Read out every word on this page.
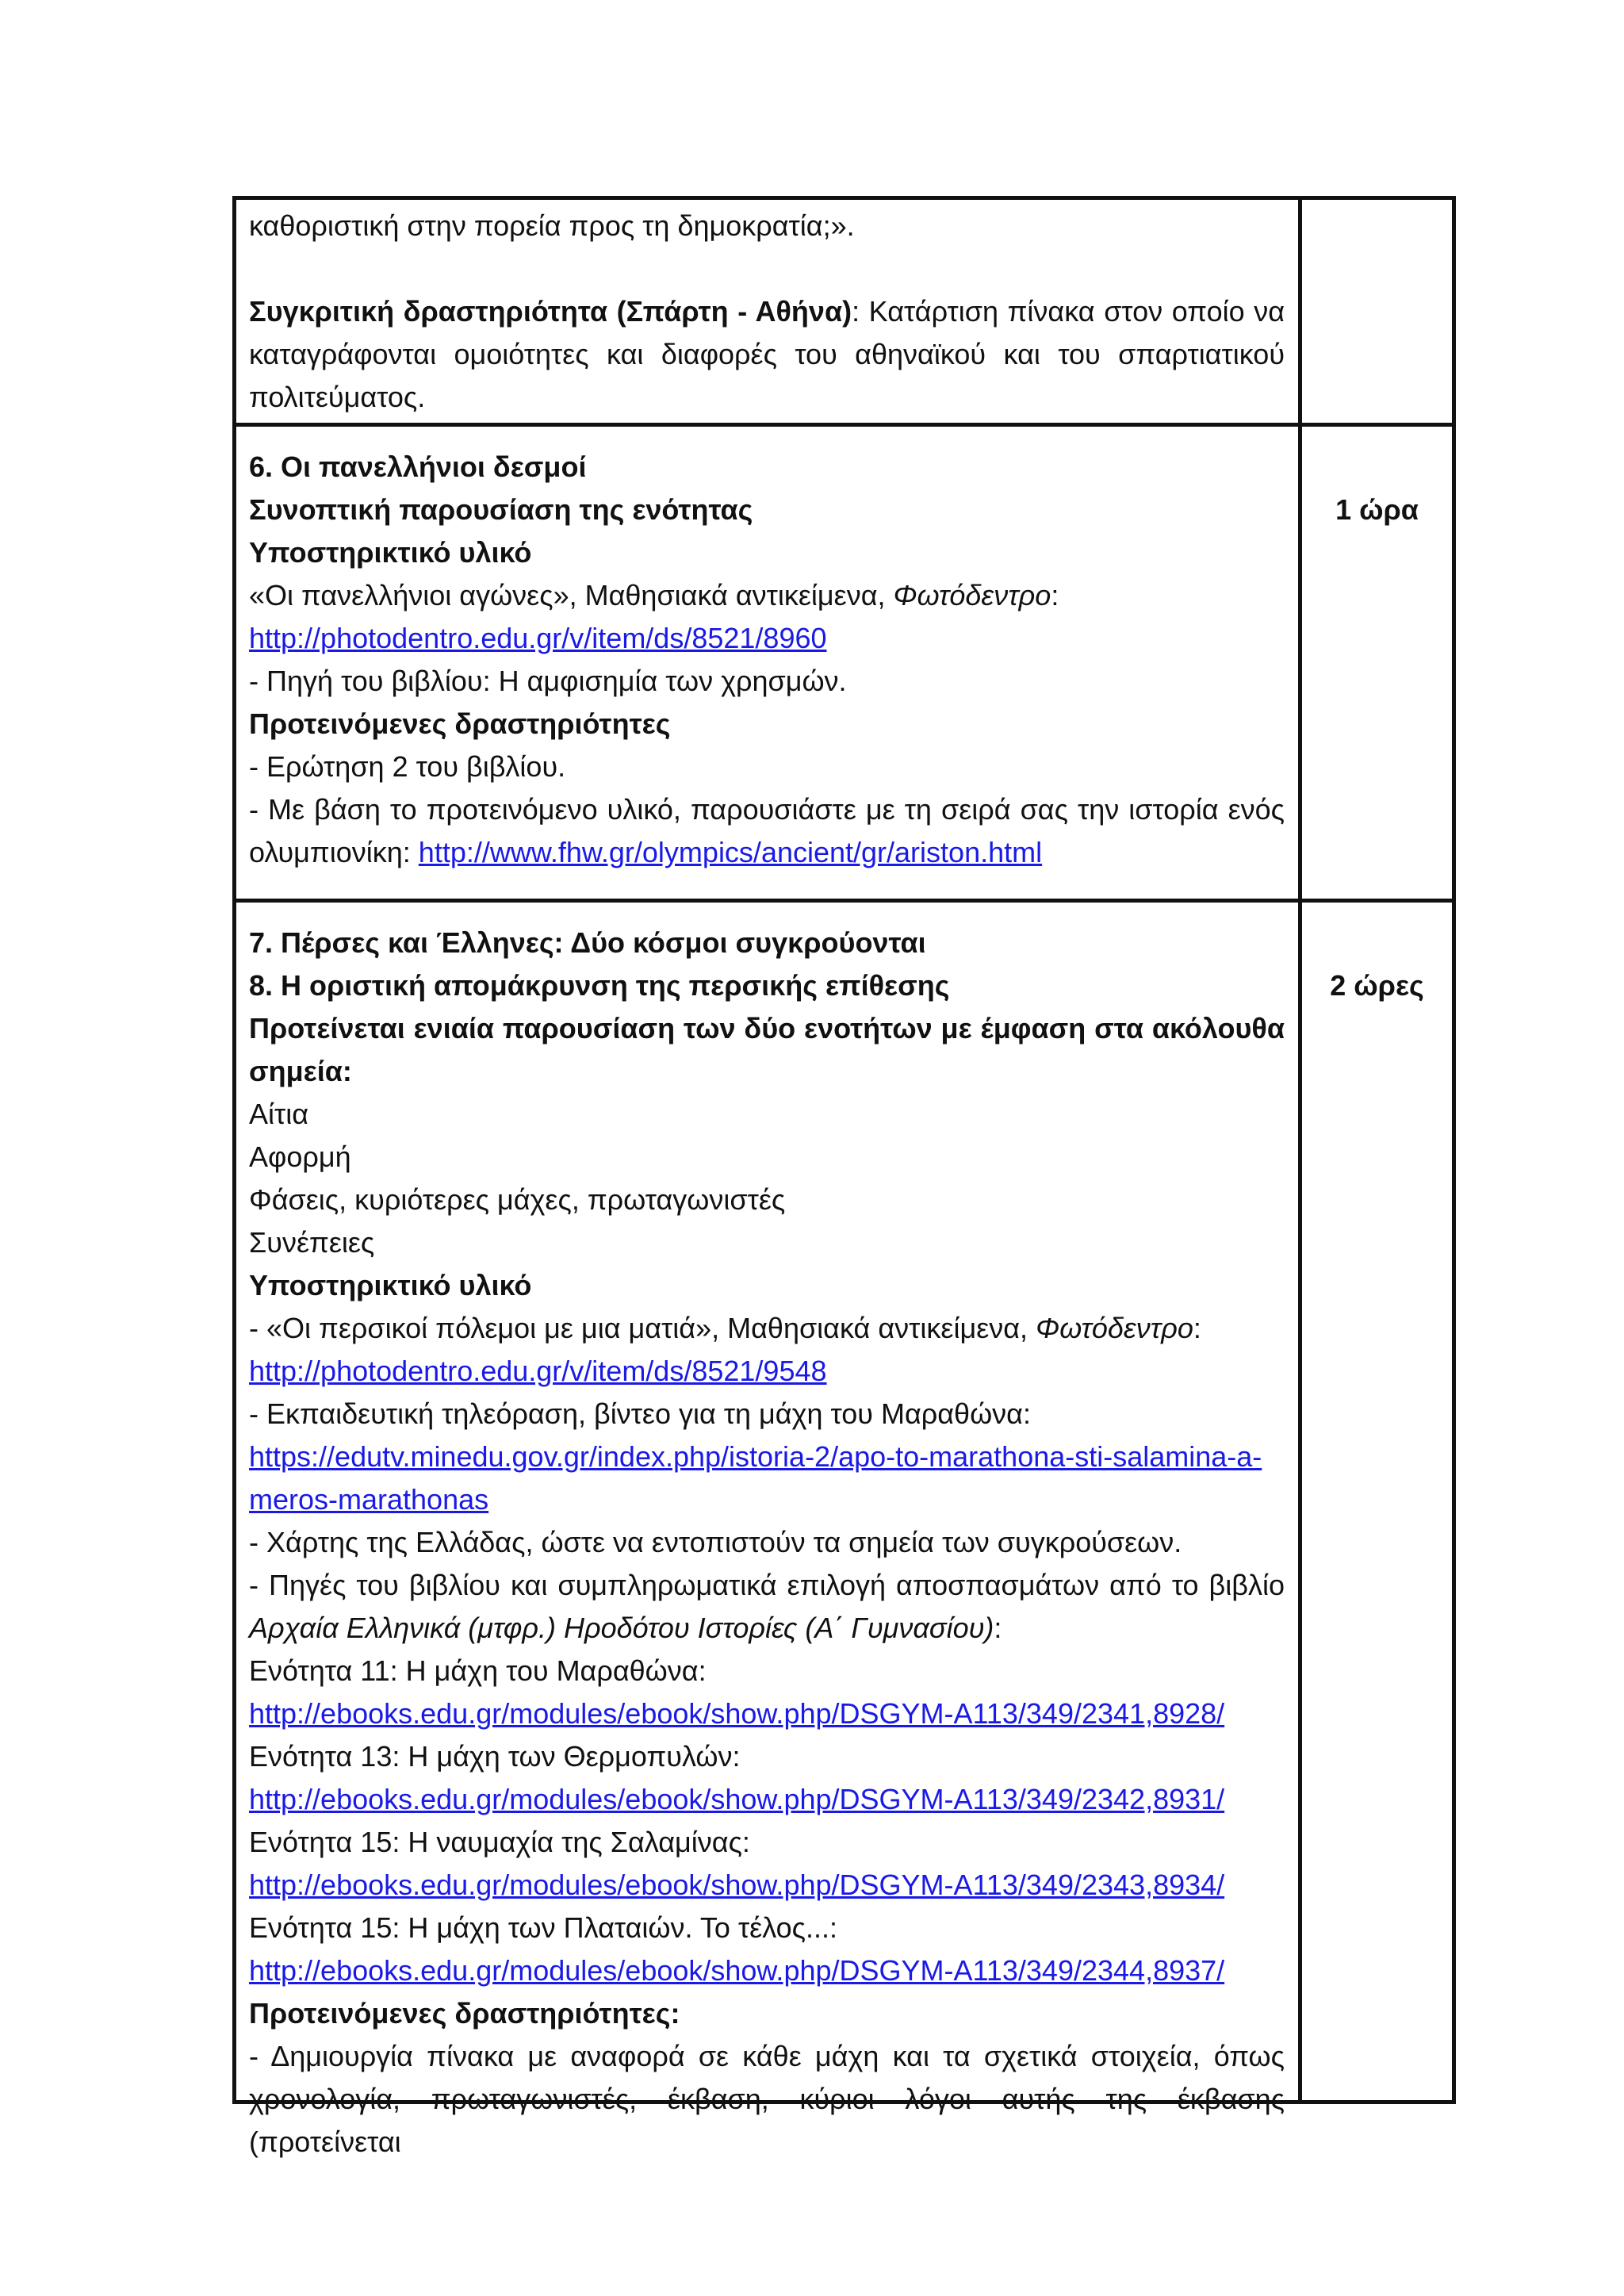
καθοριστική στην πορεία προς τη δημοκρατία;».
Συγκριτική δραστηριότητα (Σπάρτη - Αθήνα): Κατάρτιση πίνακα στον οποίο να καταγράφονται ομοιότητες και διαφορές του αθηναϊκού και του σπαρτιατικού πολιτεύματος.
6. Οι πανελλήνιοι δεσμοί
Συνοπτική παρουσίαση της ενότητας
Υποστηρικτικό υλικό
«Οι πανελλήνιοι αγώνες», Μαθησιακά αντικείμενα, Φωτόδεντρο:
http://photodentro.edu.gr/v/item/ds/8521/8960
- Πηγή του βιβλίου: Η αμφισημία των χρησμών.
Προτεινόμενες δραστηριότητες
- Ερώτηση 2 του βιβλίου.
- Με βάση το προτεινόμενο υλικό, παρουσιάστε με τη σειρά σας την ιστορία ενός ολυμπιονίκη: http://www.fhw.gr/olympics/ancient/gr/ariston.html
1 ώρα
7. Πέρσες και Έλληνες: Δύο κόσμοι συγκρούονται
8. Η οριστική απομάκρυνση της περσικής επίθεσης
Προτείνεται ενιαία παρουσίαση των δύο ενοτήτων με έμφαση στα ακόλουθα σημεία:
Αίτια
Αφορμή
Φάσεις, κυριότερες μάχες, πρωταγωνιστές
Συνέπειες
Υποστηρικτικό υλικό
- «Οι περσικοί πόλεμοι με μια ματιά», Μαθησιακά αντικείμενα, Φωτόδεντρο:
http://photodentro.edu.gr/v/item/ds/8521/9548
- Εκπαιδευτική τηλεόραση, βίντεο για τη μάχη του Μαραθώνα:
https://edutv.minedu.gov.gr/index.php/istoria-2/apo-to-marathona-sti-salamina-a-
meros-marathonas
- Χάρτης της Ελλάδας, ώστε να εντοπιστούν τα σημεία των συγκρούσεων.
- Πηγές του βιβλίου και συμπληρωματικά επιλογή αποσπασμάτων από το βιβλίο Αρχαία Ελληνικά (μτφρ.) Ηροδότου Ιστορίες (Α΄ Γυμνασίου):
Ενότητα 11: Η μάχη του Μαραθώνα:
http://ebooks.edu.gr/modules/ebook/show.php/DSGYM-A113/349/2341,8928/
Ενότητα 13: Η μάχη των Θερμοπυλών:
http://ebooks.edu.gr/modules/ebook/show.php/DSGYM-A113/349/2342,8931/
Ενότητα 15: Η ναυμαχία της Σαλαμίνας:
http://ebooks.edu.gr/modules/ebook/show.php/DSGYM-A113/349/2343,8934/
Ενότητα 15: Η μάχη των Πλαταιών. Το τέλος...:
http://ebooks.edu.gr/modules/ebook/show.php/DSGYM-A113/349/2344,8937/
Προτεινόμενες δραστηριότητες:
- Δημιουργία πίνακα με αναφορά σε κάθε μάχη και τα σχετικά στοιχεία, όπως χρονολογία, πρωταγωνιστές, έκβαση, κύριοι λόγοι αυτής της έκβασης (προτείνεται
2 ώρες
